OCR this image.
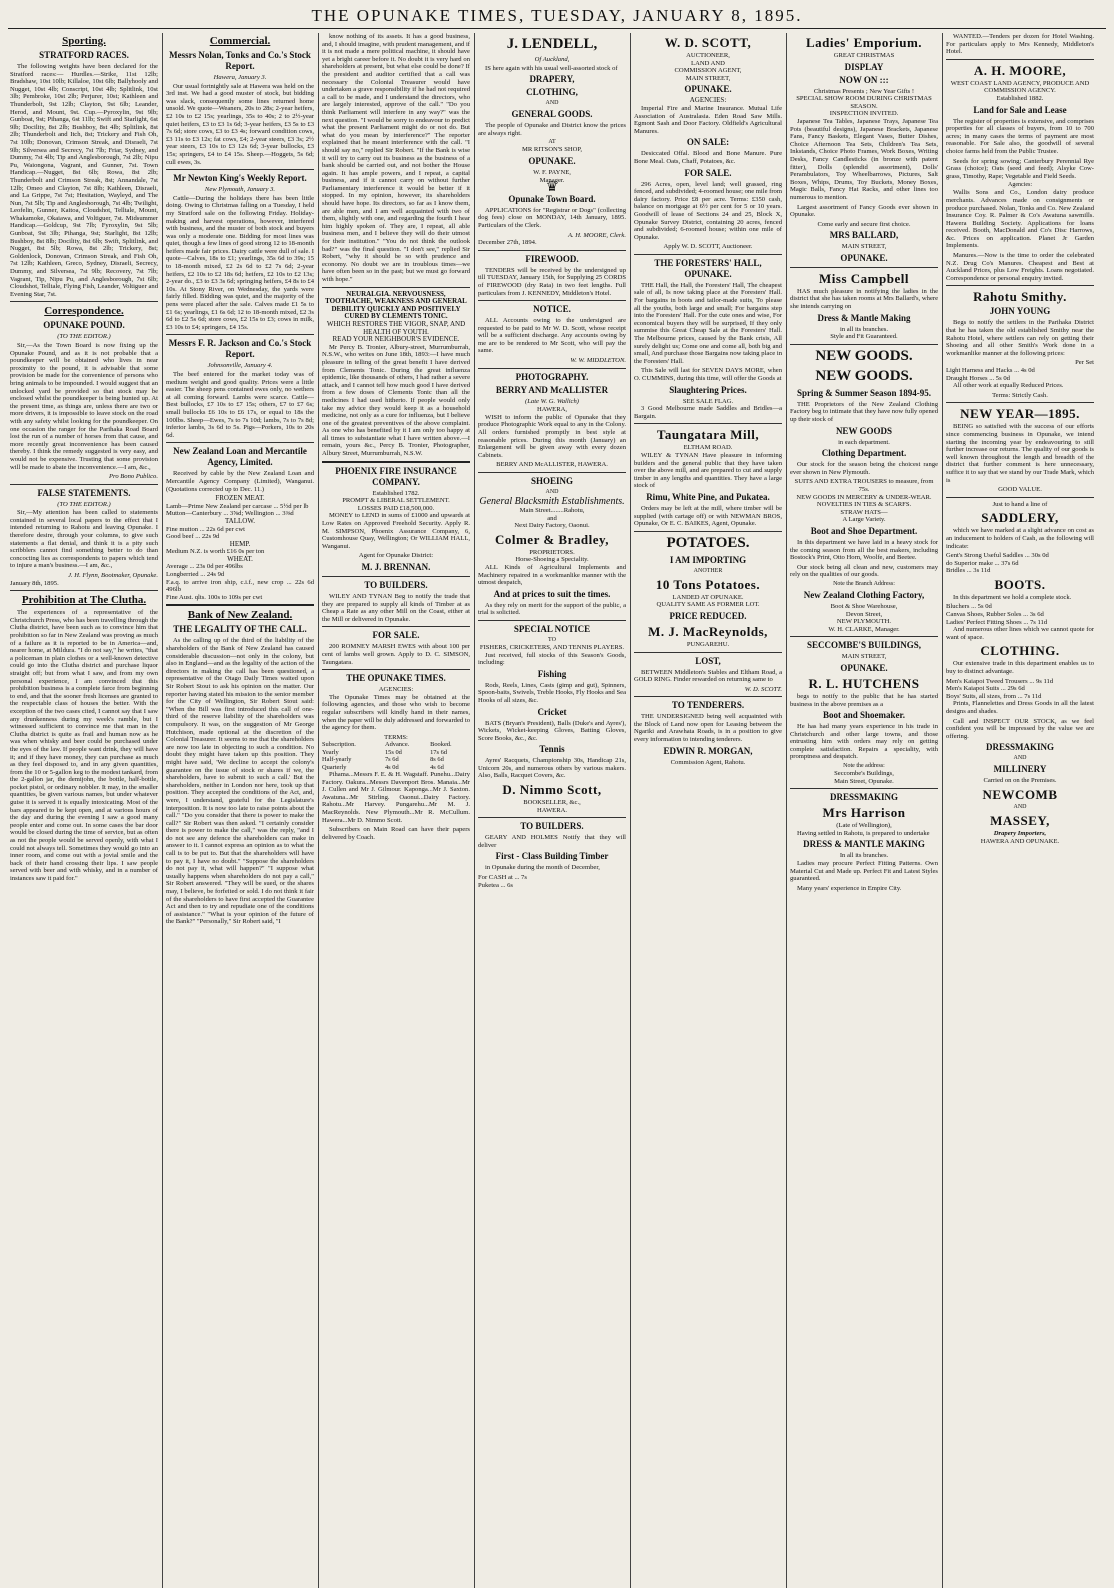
THE OPUNAKE TIMES, TUESDAY, JANUARY 8, 1895.
Sporting.
STRATFORD RACES.

The following weights have been declared for the Stratford races:— Hurdles.—Strike, 11st 12lb; Bradshaw, 10st 10lb; Killaloe, 10st 6lb; Ballyhooly and Nugget, 10st 4lb; Conscript, 10st 4lb; Splitlink, 10st 3lb; Pembroke, 10st 2lb; Perjurer, 10st; Kathleen and Thunderbolt, 9st 12lb; Clayton, 9st 6lb; Leander, Herod, and Mount, 9st. Cup.—Pyroxylin, 9st 9lb; Gunboat, 9st; Pihanga, 6st 11lb; Swift and Starlight, 6st 9lb; Docility, 8st 2lb; Bushboy, 8st 4lb; Splitlink, 8st 2lb; Thunderbolt and Itch, 8st; Trickery and Fish Oh, 7st 10lb; Donovan, Crimson Streak, and Disraeli, 7st 9lb; Silversea and Secrecy, 7st 7lb; Friar, Sydney, and Dummy, 7st 4lb; Tip and Anglesborough, 7st 2lb; Nipu Pu, Waiongona, Vagrant, and Gunner, 7st. Town Handicap.—Nugget, 8st 6lb; Rowa, 8st 2lb; Thunderbolt and Crimson Streak, 8st; Annandale, 7st 12lb; Omeo and Clayton, 7st 8lb; Kathleen, Disraeli, and La Grippe, 7st 7st; Hesitation, Wayleyd, and The Nun, 7st 5lb; Tip and Anglesborough, 7st 4lb; Twilight, Leofelin, Gunner, Kaitoa, Cloudshot, Telltale, Mount, Whakamoke, Okaiawa, and Voltiguer, 7st. Midsummer Handicap.—Goldcup, 9st 7lb; Fyroxylin, 9st 5lb; Gunboat, 9st 3lb; Pihanga, 9st; Starlight, 8st 12lb; Bushboy, 8st 8lb; Docility, 8st 6lb; Swift, Splitlink, and Nugget, 8st 5lb; Rowa, 8st 2lb; Trickery, 8st; Goldenlock, Donovan, Crimson Streak, and Fish Oh, 7st 12lb; Kathleen, Greco, Sydney, Disraeli, Secrecy, Dummy, and Silversea, 7st 9lb; Recovery, 7st 7lb; Vagrant, Tip, Nipu Pu, and Anglesborough, 7st 6lb; Cloudshot, Telltale, Flying Fish, Leander, Voltiguer and Evening Star, 7st.

Correspondence.
OPUNAKE POUND.
(TO THE EDITOR.)

Sir,—As the Town Board is now fixing up the Opunake Pound, and as it is not probable that a poundkeeper will be obtained who lives in near proximity to the pound, it is advisable that some provision be made for the convenience of persons who bring animals to be impounded. I would suggest that an unlocked yard be provided so that stock may be enclosed whilst the poundkeeper is being hunted up. At the present time, as things are, unless there are two or more drivers, it is impossible to leave stock on the road with any safety whilst looking for the poundkeeper. On one occasion the ranger for the Parihaka Road Board lost the run of a number of horses from that cause, and more recently great inconvenience has been caused thereby. I think the remedy suggested is very easy, and would not be expensive. Trusting that some provision will be made to abate the inconvenience.—I am, &c.,

Pro Bono Publico.
FALSE STATEMENTS.
(TO THE EDITOR.)

Sir,—My attention has been called to statements contained in several local papers to the effect that I intended returning to Rahotu and leaving Opunake. I therefore desire, through your columns, to give such statements a flat denial, and think it is a pity such scribblers cannot find something better to do than concocting lies as correspondents to papers which tend to injure a man's business.—I am, &c.,

J. H. Flynn, Bootmaker, Opunake.
January 8th, 1895.
Prohibition at The Clutha.

The experiences of a representative of the Christchurch Press, who has been travelling through the Clutha district, have been such as to convince him that prohibition so far in New Zealand was proving as much of a failure as it is reported to be in America—and, nearer home, at Mildura. "I do not say," he writes, "that a policeman in plain clothes or a well-known detective could go into the Clutha district and purchase liquor straight off; but from what I saw, and from my own personal experience, I am convinced that this prohibition business is a complete farce from beginning to end, and that the sooner fresh licenses are granted to the respectable class of houses the better. With the exception of the two cases cited, I cannot say that I saw any drunkenness during my week's ramble, but I witnessed sufficient to convince me that man in the Clutha district is quite as frail and human now as he was when whisky and beer could be purchased under the eyes of the law. If people want drink, they will have it; and if they have money, they can purchase as much as they feel disposed to, and in any given quantities, from the 10 or 5-gallon keg to the modest tankard, from the 2-gallon jar, the demijohn, the bottle, half-bottle, pocket pistol, or ordinary nobbler. It may, in the smaller quantities, be given various names, but under whatever guise it is served it is equally intoxicating. Most of the bars appeared to be kept open, and at various hours of the day and during the evening I saw a good many people enter and come out. In some cases the bar door would be closed during the time of service, but as often as not the people would be served openly, with what I could not always tell. Sometimes they would go into an inner room, and come out with a jovial smile and the back of their hand crossing their lips. I saw people served with beer and with whisky, and in a number of instances saw it paid for."

Commercial.
Messrs Nolan, Tonks and Co.'s Stock Report.
Hawera, January 3.

Our usual fortnightly sale at Hawera was held on the 3rd inst. We had a good muster of stock, but bidding was slack, consequently some lines returned home unsold. We quote—Weaners, 20s to 28s; 2-year heifers, £2 10s to £2 15s; yearlings, 35s to 40s; 2 to 2½-year quiet heifers, £3 to £3 1s 6d; 3-year heifers, £3 5s to £3 7s 6d; store cows, £3 to £3 4s; forward condition cows, £3 11s to £3 12s; fat cows, £4; 2-year steers, £3 3s; 2½ year steers, £3 10s to £3 12s 6d; 3-year bullocks, £3 15s; springers, £4 to £4 15s. Sheep.—Hoggets, 5s 6d; cull ewes, 3s.

Mr Newton King's Weekly Report.
New Plymouth, January 3.

Cattle—During the holidays there has been little doing. Owing to Christmas falling on a Tuesday, I held my Stratford sale on the following Friday. Holiday-making and harvest operations, however, interfered with business, and the muster of both stock and buyers was only a moderate one. Bidding for most lines was quiet, though a few lines of good strong 12 to 18-month heifers made fair prices. Dairy cattle were dull of sale. I quote—Calves, 18s to £1; yearlings, 35s 6d to 39s; 15 to 18-month mixed, £2 2s 6d to £2 7s 6d; 2-year heifers, £2 10s to £2 18s 6d; heifers, £2 10s to £2 13s; 2-year do., £3 to £3 3s 6d; springing heifers, £4 8s to £4 10s. At Stony River, on Wednesday, the yards were fairly filled. Bidding was quiet, and the majority of the pens were placed after the sale. Calves made £1 5s to £1 6s; yearlings, £1 6s 6d; 12 to 18-month mixed, £2 3s 6d to £2 5s 6d; store cows, £2 15s to £3; cows in milk, £3 10s to £4; springers, £4 15s.

Messrs F. R. Jackson and Co.'s Stock Report.
Johnsonville, January 4.

The beef entered for the market today was of medium weight and good quality. Prices were a little easier. The sheep pens contained ewes only, no wethers at all coming forward. Lambs were scarce. Cattle—Best bullocks, £7 10s to £7 15s; others, £7 to £7 6s; small bullocks £6 10s to £6 17s, or equal to 18s the 100lbs. Sheep—Ewes, 7s to 7s 10d; lambs, 7s to 7s 8d; inferior lambs, 3s 6d to 5s. Pigs—Porkers, 10s to 20s 6d.

New Zealand Loan and Mercantile Agency, Limited.

Received by cable by the New Zealand Loan and Mercantile Agency Company (Limited), Wanganui. (Quotations corrected up to Dec. 11.)

FROZEN MEAT.
Lamb—Prime New Zealand per carcase ... 5½d per lb
Mutton—Canterbury ... 3⅝d; Wellington ... 3⅜d
TALLOW.
Fine mutton ... 22s 6d per cwt
Good beef ... 22s 9d
HEMP.
Medium N.Z. is worth £16 0s per ton
WHEAT.
Average ... 23s 0d per 496lbs
Longberried ... 24s 9d
F.a.q. to arrive iron ship, c.i.f., new crop ... 22s 6d 496lb
Fine Aust. qlts. 100s to 109s per cwt
Bank of New Zealand.
THE LEGALITY OF THE CALL.

As the calling up of the third of the liability of the shareholders of the Bank of New Zealand has caused considerable discussion—not only in the colony, but also in England—and as the legality of the action of the directors in making the call has been questioned, a representative of the Otago Daily Times waited upon Sir Robert Stout to ask his opinion on the matter. Our reporter having stated his mission to the senior member for the City of Wellington, Sir Robert Stout said: "When the Bill was first introduced this call of one-third of the reserve liability of the shareholders was compulsory. It was, on the suggestion of Mr George Hutchison, made optional at the discretion of the Colonial Treasurer. It seems to me that the shareholders are now too late in objecting to such a condition. No doubt they might have taken up this position. They might have said, 'We decline to accept the colony's guarantee on the issue of stock or shares if we, the shareholders, have to submit to such a call.' But the shareholders, neither in London nor here, took up that position. They accepted the conditions of the Act, and, were, I understand, grateful for the Legislature's interposition. It is now too late to raise points about the call." "Do you consider that there is power to make the call?" Sir Robert was then asked. "I certainly consider there is power to make the call," was the reply, "and I do not see any defence the shareholders can make in answer to it. I cannot express an opinion as to what the call is to be put to. But that the shareholders will have to pay it, I have no doubt." "Suppose the shareholders do not pay it, what will happen?" "I suppose what usually happens when shareholders do not pay a call," Sir Robert answered. "They will be sued, or the shares may, I believe, be forfeited or sold. I do not think it fair of the shareholders to have first accepted the Guarantee Act and then to try and repudiate one of the conditions of assistance." "What is your opinion of the future of the Bank?" "Personally," Sir Robert said, "I

know nothing of its assets. It has a good business, and, I should imagine, with prudent management, and if it is not made a mere political machine, it should have yet a bright career before it. No doubt it is very hard on shareholders at present, but what else could be done? If the president and auditor certified that a call was necessary the Colonial Treasurer would have undertaken a grave responsibility if he had not required a call to be made, and I understand the directors, who are largely interested, approve of the call." "Do you think Parliament will interfere in any way?" was the next question. "I would be sorry to endeavour to predict what the present Parliament might do or not do. But what do you mean by interference?" The reporter explained that he meant interference with the call. "I should say no," replied Sir Robert. "If the Bank is wise it will try to carry out its business as the business of a bank should be carried out, and not bother the House again. It has ample powers, and I repeat, a capital business, and if it cannot carry on without further Parliamentary interference it would be better if it stopped. In my opinion, however, its shareholders should have hope. Its directors, so far as I know them, are able men, and I am well acquainted with two of them, slightly with one, and regarding the fourth I hear him highly spoken of. They are, I repeat, all able business men, and I believe they will do their utmost for their institution." "You do not think the outlook bad?" was the final question. "I don't see," replied Sir Robert, "why it should be so with prudence and economy. No doubt we are in troublous times—we have often been so in the past; but we must go forward with hope."

NEURALGIA. NERVOUSNESS, TOOTHACHE, WEAKNESS AND GENERAL DEBILITY QUICKLY AND POSITIVELY CURED BY CLEMENTS TONIC.
WHICH RESTORES THE VIGOR, SNAP, AND HEALTH OF YOUTH.
READ YOUR NEIGHBOUR'S EVIDENCE.

Mr Percy B. Tronier, Albury-street, Murrumburrah, N.S.W., who writes on June 18th, 1893:—I have much pleasure in telling of the great benefit I have derived from Clements Tonic. During the great influenza epidemic, like thousands of others, I had rather a severe attack, and I cannot tell how much good I have derived from a few doses of Clements Tonic than all the medicines I had used hitherto. If people would only take my advice they would keep it as a household medicine, not only as a cure for influenza, but I believe one of the greatest preventives of the above complaint. As one who has benefited by it I am only too happy at all times to substantiate what I have written above.—I remain, yours &c., Percy B. Tronier, Photographer, Albury Street, Murrumburrah, N.S.W.

PHOENIX FIRE INSURANCE COMPANY.
Established 1782.
PROMPT & LIBERAL SETTLEMENT.
LOSSES PAID £18,500,000.

MONEY to LEND in sums of £1000 and upwards at Low Rates on Approved Freehold Security. Apply R. M. SIMPSON, Phoenix Assurance Company, 6, Customhouse Quay, Wellington; Or WILLIAM HALL, Wanganui.

Agent for Opunake District:
M. J. BRENNAN.
TO BUILDERS.

WILEY AND TYNAN Beg to notify the trade that they are prepared to supply all kinds of Timber at as Cheap a Rate as any other Mill on the Coast, either at the Mill or delivered in Opunake.

FOR SALE.

200 ROMNEY MARSH EWES with about 100 per cent of lambs well grown. Apply to D. C. SIMSON, Taungatara.

THE OPUNAKE TIMES.
AGENCIES:

The Opunake Times may be obtained at the following agencies, and those who wish to become regular subscribers will kindly hand in their names, when the paper will be duly addressed and forwarded to the agency for them.

TERMS:
Subscription.	Advance.	Booked.
Yearly	15s 0d	17s 6d
Half-yearly	7s 6d	8s 6d
Quarterly	4s 0d	4s 6d

Pihama...Messrs F. E. & H. Wagstaff. Punehu...Dairy Factory. Oakura...Messrs Davenport Bros. Manaia...Mr J. Cullen and Mr J. Gilmour. Kaponga...Mr J. Saxton. Awatuna...Mr Stirling. Oaonui...Dairy Factory. Rahotu...Mr Harvey. Pungarehu...Mr M. J. MacReynolds. New Plymouth...Mr R. McCullum. Hawera...Mr D. Nimmo Scott.

Subscribers on Main Road can have their papers delivered by Coach.

J. LENDELL,
Of Auckland,

IS here again with his usual well-assorted stock of

DRAPERY,
CLOTHING,
AND
GENERAL GOODS.

The people of Opunake and District know the prices are always right.

AT
MR RITSON'S SHOP,
OPUNAKE.
W. F. PAYNE,
Manager.
♛
Opunake Town Board.

APPLICATIONS for "Registrar or Dogs" (collecting dog fees) close on MONDAY, 14th January, 1895. Particulars of the Clerk.

A. H. MOORE, Clerk.
December 27th, 1894.
FIREWOOD.

TENDERS will be received by the undersigned up till TUESDAY, January 15th, for Supplying 25 CORDS of FIREWOOD (dry Rata) in two feet lengths. Full particulars from J. KENNEDY, Middleton's Hotel.

NOTICE.

ALL Accounts owing to the undersigned are requested to be paid to Mr W. D. Scott, whose receipt will be a sufficient discharge. Any accounts owing by me are to be rendered to Mr Scott, who will pay the same.

W. W. MIDDLETON.
PHOTOGRAPHY.
BERRY AND McALLISTER
(Late W. G. Wallich)
HAWERA,

WISH to inform the public of Opunake that they produce Photographic Work equal to any in the Colony. All orders furnished promptly in best style at reasonable prices. During this month (January) an Enlargement will be given away with every dozen Cabinets.

BERRY AND McALLISTER, HAWERA.
SHOEING
AND
General Blacksmith Establishments.
Main Street........Rahotu,
and
Next Dairy Factory, Oaonui.
Colmer & Bradley,
PROPRIETORS.
Horse-Shoeing a Speciality.

ALL Kinds of Agricultural Implements and Machinery repaired in a workmanlike manner with the utmost despatch,

And at prices to suit the times.

As they rely on merit for the support of the public, a trial is solicited.

SPECIAL NOTICE
TO
FISHERS, CRICKETERS, AND TENNIS PLAYERS.

Just received, full stocks of this Season's Goods, including:

Fishing

Rods, Reels, Lines, Casts (gimp and gut), Spinners, Spoon-baits, Swivels, Treble Hooks, Fly Hooks and Sea Hooks of all sizes, &c.

Cricket

BATS (Bryan's President), Balls (Duke's and Ayres'), Wickets, Wicket-keeping Gloves, Batting Gloves, Score Books, &c., &c.

Tennis

Ayres' Racquets, Championship 30s, Handicap 21s, Unicorn 20s, and numerous others by various makers. Also, Balls, Racquet Covers, &c.

D. Nimmo Scott,
BOOKSELLER, &c.,
HAWERA.
TO BUILDERS.

GEARY AND HOLMES Notify that they will deliver

First - Class Building Timber

in Opunake during the month of December,

For CASH at ... 7s
Puketea ... 6s
W. D. SCOTT,
AUCTIONEER,
LAND AND
COMMISSION AGENT,
MAIN STREET,
OPUNAKE.
AGENCIES:

Imperial Fire and Marine Insurance. Mutual Life Association of Australasia. Eden Road Saw Mills. Egmont Sash and Door Factory. Oldfield's Agricultural Manures.

ON SALE:

Desiccated Offal. Blood and Bone Manure. Pure Bone Meal. Oats, Chaff, Potatoes, &c.

FOR SALE.

296 Acres, open, level land; well grassed, ring fenced, and subdivided; 4-roomed house; one mile from dairy factory. Price £8 per acre. Terms: £350 cash, balance on mortgage at 6½ per cent for 5 or 10 years. Goodwill of lease of Sections 24 and 25, Block X, Opunake Survey District, containing 20 acres, fenced and subdivided; 6-roomed house; within one mile of Opunake.

Apply W. D. SCOTT, Auctioneer.
THE FORESTERS' HALL, OPUNAKE.

THE Hall, the Hall, the Foresters' Hall, The cheapest sale of all, Is now taking place at the Foresters' Hall. For bargains in boots and tailor-made suits, To please all the youths, both large and small; For bargains step into the Foresters' Hall. For the cute ones and wise, For economical buyers they will be surprised, If they only summise this Great Cheap Sale at the Foresters' Hall. The Melbourne prices, caused by the Bank crisis, All surely delight us; Come one and come all, both big and small, And purchase those Bargains now taking place in the Foresters' Hall.

This Sale will last for SEVEN DAYS MORE, when O. CUMMINS, during this time, will offer the Goods at

Slaughtering Prices.
SEE SALE FLAG.

3 Good Melbourne made Saddles and Bridles—a Bargain.

Taungatara Mill,
ELTHAM ROAD.

WILEY & TYNAN Have pleasure in informing builders and the general public that they have taken over the above mill, and are prepared to cut and supply timber in any lengths and quantities. They have a large stock of

Rimu, White Pine, and Pukatea.

Orders may be left at the mill, where timber will be supplied (with cartage off) or with NEWMAN BROS, Opunake, Or E. C. BAIKES, Agent, Opunake.

POTATOES.
I AM IMPORTING
ANOTHER
10 Tons Potatoes.
LANDED AT OPUNAKE.
QUALITY SAME AS FORMER LOT.
PRICE REDUCED.
M. J. MacReynolds,
PUNGAREHU.
LOST,

BETWEEN Middleton's Stables and Eltham Road, a GOLD RING. Finder rewarded on returning same to

W. D. SCOTT.
TO TENDERERS.

THE UNDERSIGNED being well acquainted with the Block of Land now open for Leasing between the Ngariki and Arawhata Roads, is in a position to give every information to intending tenderers.

EDWIN R. MORGAN,
Commission Agent, Rahotu.
Ladies' Emporium.
GREAT CHRISTMAS
DISPLAY
NOW ON :::
Christmas Presents ; New Year Gifts !
SPECIAL SHOW ROOM DURING CHRISTMAS SEASON.
INSPECTION INVITED.

Japanese Tea Tables, Japanese Trays, Japanese Tea Pots (beautiful designs), Japanese Brackets, Japanese Fans, Fancy Baskets, Elegant Vases, Butter Dishes, Choice Afternoon Tea Sets, Children's Tea Sets, Inkstands, Choice Photo Frames, Work Boxes, Writing Desks, Fancy Candlesticks (in bronze with patent fitter), Dolls (splendid assortment), Dolls' Perambulators, Toy Wheelbarrows, Pictures, Salt Boxes, Whips, Drums, Toy Buckets, Money Boxes, Magic Balls, Fancy Hat Racks, and other lines too numerous to mention.

Largest assortment of Fancy Goods ever shown in Opunake.

Come early and secure first choice.
MRS BALLARD,
MAIN STREET,
OPUNAKE.
Miss Campbell

HAS much pleasure in notifying the ladies in the district that she has taken rooms at Mrs Ballard's, where she intends carrying on

Dress & Mantle Making
in all its branches.
Style and Fit Guaranteed.
NEW GOODS.
NEW GOODS.
Spring & Summer Season 1894-95.

THE Proprietors of the New Zealand Clothing Factory beg to intimate that they have now fully opened up their stock of

NEW GOODS
in each department.
Clothing Department.

Our stock for the season being the choicest range ever shown in New Plymouth.

SUITS AND EXTRA TROUSERS to measure, from 75s.
NEW GOODS IN MERCERY & UNDER-WEAR.
NOVELTIES IN TIES & SCARFS.
STRAW HATS—
A Large Variety.
Boot and Shoe Department.

In this department we have laid in a heavy stock for the coming season from all the best makers, including Bostock's Print, Otto Horn, Woolfe, and Beetee.

Our stock being all clean and new, customers may rely on the qualities of our goods.

Note the Branch Address:
New Zealand Clothing Factory,
Boot & Shoe Warehouse,
Devon Street,
NEW PLYMOUTH.
W. H. CLARKE, Manager.
SECCOMBE'S BUILDINGS,
MAIN STREET,
OPUNAKE.
R. L. HUTCHENS

begs to notify to the public that he has started business in the above premises as a

Boot and Shoemaker.

He has had many years experience in his trade in Christchurch and other large towns, and those entrusting him with orders may rely on getting complete satisfaction. Repairs a speciality, with promptness and despatch.

Note the address:
Seccombe's Buildings,
Main Street, Opunake.
DRESSMAKING
Mrs Harrison
(Late of Wellington),

Having settled in Rahotu, is prepared to undertake

DRESS & MANTLE MAKING
In all its branches.

Ladies may procure Perfect Fitting Patterns. Own Material Cut and Made up. Perfect Fit and Latest Styles guaranteed.

Many years' experience in Empire City.

WANTED.—Tenders per dozen for Hotel Washing. For particulars apply to Mrs Kennedy, Middleton's Hotel.

A. H. MOORE,
WEST COAST LAND AGENCY, PRODUCE AND COMMISSION AGENCY.
Established 1882.
Land for Sale and Lease

The register of properties is extensive, and comprises properties for all classes of buyers, from 10 to 700 acres; in many cases the terms of payment are most reasonable. For Sale also, the goodwill of several choice farms held from the Public Trustee.

Seeds for spring sowing; Canterbury Perennial Rye Grass (choice); Oats (seed and feed); Alsyke Cow-grass, Timothy, Rape; Vegetable and Field Seeds.

Agencies:

Wallis Sons and Co., London dairy produce merchants. Advances made on consignments or produce purchased. Nolan, Tonks and Co. New Zealand Insurance Coy. R. Palmer & Co's Awatuna sawmills. Hawera Building Society. Applications for loans received. Booth, MacDonald and Co's Disc Harrows, &c. Prices on application. Planet Jr Garden Implements.

Manures.—Now is the time to order the celebrated N.Z. Drug Co's Manures. Cheapest and Best at Auckland Prices, plus Low Freights. Loans negotiated. Correspondence or personal enquiry invited.

Rahotu Smithy.
JOHN YOUNG

Begs to notify the settlers in the Parihaka District that he has taken the old established Smithy near the Rahotu Hotel, where settlers can rely on getting their Shoeing and all other Smith's Work done in a workmanlike manner at the following prices:

Per Set
Light Harness and Hacks ... 4s 0d
Draught Horses ... 5s 0d

All other work at equally Reduced Prices.

Terms: Strictly Cash.
NEW YEAR—1895.

BEING so satisfied with the success of our efforts since commencing business in Opunake, we intend starting the incoming year by endeavouring to still further increase our returns. The quality of our goods is well known throughout the length and breadth of the district that further comment is here unnecessary, suffice it to say that we stand by our Trade Mark, which is

GOOD VALUE.
Just to hand a line of
SADDLERY,

which we have marked at a slight advance on cost as an inducement to holders of Cash, as the following will indicate:

Gent's Strong Useful Saddles ... 30s 0d
do Superior make ... 37s 6d
Bridles ... 3s 11d
BOOTS.

In this department we hold a complete stock.

Bluchers ... 5s 0d
Canvas Shoes, Rubber Soles ... 3s 6d
Ladies' Perfect Fitting Shoes ... 7s 11d

And numerous other lines which we cannot quote for want of space.

CLOTHING.

Our extensive trade in this department enables us to buy to distinct advantage.

Men's Kaiapoi Tweed Trousers ... 9s 11d
Men's Kaiapoi Suits ... 29s 6d
Boys' Suits, all sizes, from ... 7s 11d

Prints, Flannelettes and Dress Goods in all the latest designs and shades.

Call and INSPECT OUR STOCK, as we feel confident you will be impressed by the value we are offering.

DRESSMAKING
AND
MILLINERY
Carried on on the Premises.
NEWCOMB
AND
MASSEY,
Drapery Importers,
HAWERA AND OPUNAKE.
